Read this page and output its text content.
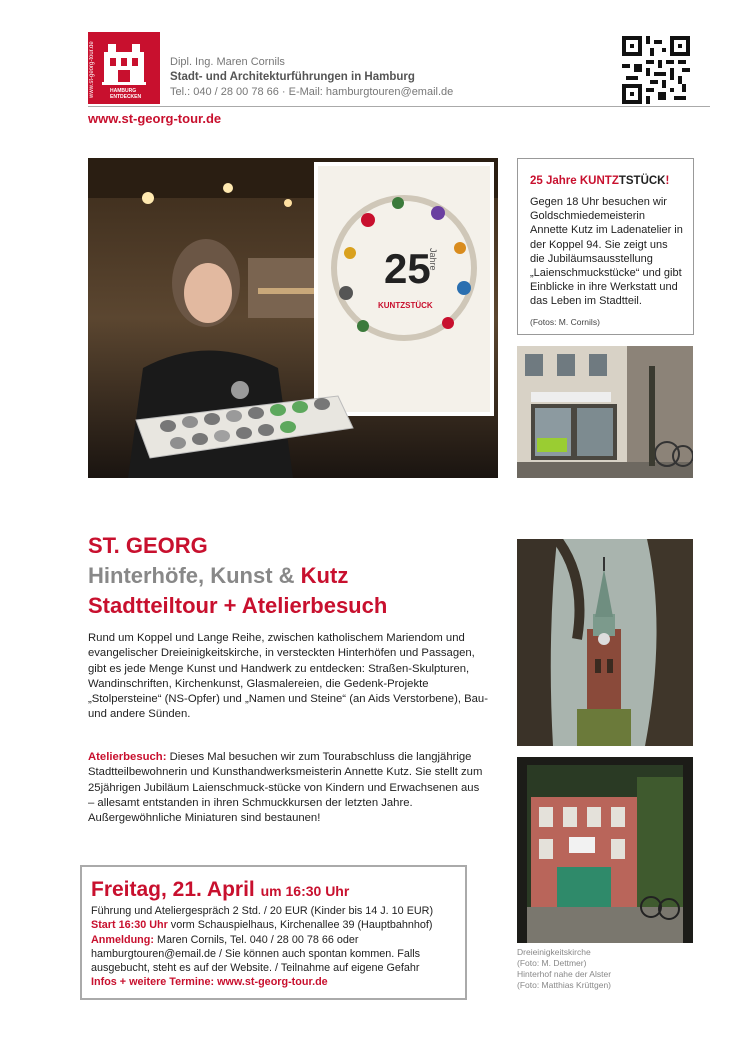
www.st-georg-tour.de	HAMBURG
ENTDECKEN
Dipl. Ing. Maren Cornils
Stadt- und Architekturführungen in Hamburg
Tel.: 040 / 28 00 78 66 · E-Mail: hamburgtouren@email.de
www.st-georg-tour.de
25
Jahre
KUNTZSTÜCK
25 Jahre KUNTZTSTÜCK!
Gegen 18 Uhr besuchen wir Goldschmiedemeisterin Annette Kutz im Ladenatelier in der Koppel 94. Sie zeigt uns die Jubiläumsausstellung „Laienschmuckstücke“ und gibt Einblicke in ihre Werkstatt und das Leben im Stadtteil.
(Fotos: M. Cornils)
ST. GEORG
Hinterhöfe, Kunst & Kutz
Stadtteiltour + Atelierbesuch
Rund um Koppel und Lange Reihe, zwischen katholischem Mariendom und evangelischer Dreieinigkeitskirche, in versteckten Hinterhöfen und Passagen, gibt es jede Menge Kunst und Handwerk zu entdecken: Straßen-Skulpturen, Wandinschriften, Kirchenkunst, Glasmalereien, die Gedenk-Projekte „Stolpersteine“ (NS-Opfer) und „Namen und Steine“ (an Aids Verstorbene), Bau- und andere Sünden.
Atelierbesuch: Dieses Mal besuchen wir zum Tourabschluss die langjährige Stadtteilbewohnerin und Kunsthandwerksmeisterin Annette Kutz. Sie stellt zum 25jährigen Jubiläum Laienschmuck-stücke von Kindern und Erwachsenen aus – allesamt entstanden in ihren Schmuckkursen der letzten Jahre. Außergewöhnliche Miniaturen sind bestaunen!
Freitag, 21. April um 16:30 Uhr
Führung und Ateliergespräch 2 Std. / 20 EUR (Kinder bis 14 J. 10 EUR)
Start 16:30 Uhr vorm Schauspielhaus, Kirchenallee 39 (Hauptbahnhof)
Anmeldung: Maren Cornils, Tel. 040 / 28 00 78 66 oder
hamburgtouren@email.de / Sie können auch spontan kommen. Falls
ausgebucht, steht es auf der Website. / Teilnahme auf eigene Gefahr
Infos + weitere Termine: www.st-georg-tour.de
Dreieinigkeitskirche
(Foto: M. Dettmer)
Hinterhof nahe der Alster
(Foto: Matthias Krüttgen)
